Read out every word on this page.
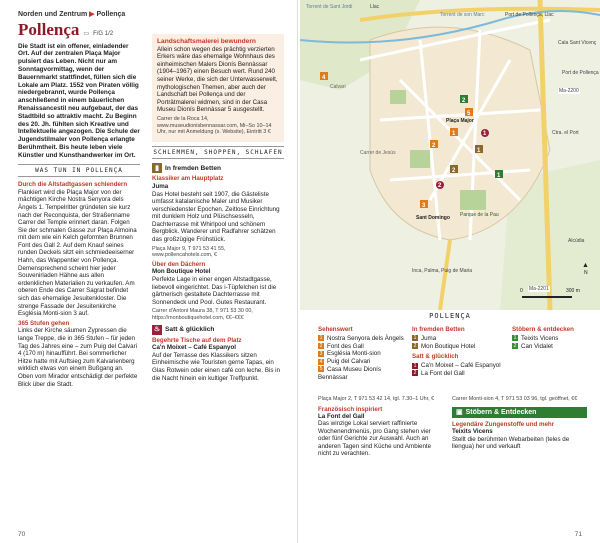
Norden und Zentrum ▶ Pollença
Pollença ▭ F/G 1/2

Die Stadt ist ein offener, einladender Ort. Auf der zentralen Plaça Major pulsiert das Leben. Nicht nur am Sonntagvormittag, wenn der Bauernmarkt stattfindet, füllen sich die Lokale am Platz. 1552 von Piraten völlig niedergebrannt, wurde Pollença anschließend in einem bäuerlichen Renaissancestil neu aufgebaut, der das Stadtbild so attraktiv macht. Zu Beginn des 20. Jh. fühlten sich Kreative und Intellektuelle angezogen. Die Schule der Jugendstilmaler von Pollença erlangte Berühmtheit. Bis heute leben viele Künstler und Kunsthandwerker im Ort.

WAS TUN IN POLLENÇA
Durch die Altstadtgassen schlendern

Flankiert wird die Plaça Major von der mächtigen Kirche Nostra Senyora dels Àngels 1. Tempelritter gründeten sie kurz nach der Reconquista, der Straßenname Carrer del Temple erinnert daran. Folgen Sie der schmalen Gasse zur Plaça Almoina mit dem wie ein Kelch geformten Brunnen Font des Gall 2. Auf dem Knauf seines runden Deckels sitzt ein schmiedeeiserner Hahn, das Wappentier von Pollença. Demensprechend scheint hier jeder Souvenirladen Hähne aus allen erdenklichen Materialien zu verkaufen. Am oberen Ende des Carrer Sagrat befindet sich das ehemalige Jesuitenkloster. Die strenge Fassade der Jesuitenkirche Església Monti-sion 3 auf.

365 Stufen gehen

Links der Kirche säumen Zypressen die lange Treppe, die in 365 Stufen – für jeden Tag des Jahres eine – zum Puig del Calvari 4 (170 m) hinaufführt. Bei sommerlicher Hitze hatte mit Auftsieg zum Kalvarienberg wirklich etwas von einem Bußgang an. Oben vom Mirador entschädigt der perfekte Blick über die Stadt.

Landschaftsmalerei bewundern

Allein schon wegen des prächtig verzierten Erkers wäre das ehemalige Wohnhaus des einheimischen Malers Dionís Bennàssar (1904–1967) einen Besuch wert. Rund 240 seiner Werke, die sich der Unterwasserwelt, mythologischen Themen, aber auch der Landschaft bei Pollença und der Porträtmalerei widmen, sind in der Casa Museu Dionís Bennàssar 5 ausgestellt.

Carrer de la Roca 14, www.museudionisbennassar.com, Mi–So 10–14 Uhr, nur mit Anmeldung (s. Website), Eintritt 3 €

SCHLEMMEN, SHOPPEN, SCHLAFEN
▮ In fremden Betten
Klassiker am Hauptplatz
Juma

Das Hotel besteht seit 1907, die Gästeliste umfasst katalanische Maler und Musiker verschiedenster Epochen. Zeitlose Einrichtung mit dunklem Holz und Plüschsesseln, Dachterrasse mit Whirlpool und schönem Bergblick. Wanderer und Radfahrer schätzen das großzügige Frühstück.

Plaça Major 9, T 971 53 41 55, www.pollencahotels.com, €

Über den Dächern
Mon Boutique Hotel

Perfekte Lage in einer engen Altstadtgasse, liebevoll eingerichtet. Das i-Tüpfelchen ist die gärtnerisch gestaltete Dachterrasse mit Sonnendeck und Pool. Gutes Restaurant.

Carrer d'Antoni Maura 38, T 971 53 30 00, https://monboutiquehotel.com, €€–€€€

♨ Satt & glücklich
Begehrte Tische auf dem Platz
Ca'n Moixet – Café Espanyol

Auf der Terrasse des Klassikers sitzen Einheimische wie Touristen gerne Tapas, ein Glas Rotwein oder einen café con leche. Bis in die Nacht hinein ein kultiger Treffpunkt.

70
1
2
3
4
5
1
2
1
2
1
2
Torrent de Sant Jordi	Llac
Torrent de son Marc	Port de Pollença, Llac
Plaça Major
Sant Domingo Parque de la Pau
Cala Sant Vicenç
Port de Pollença
Ma-2200
Ma-2201
Ctra. el Port
Alcúdia
Inca, Palma, Puig de Maria
Carrer de Jesús
Calvari
▲
N
0	300 m
POLLENÇA
Sehenswert
1 Nostra Senyora dels Àngels
2 Font des Gall
3 Església Monti-sion
4 Puig del Calvari
5 Casa Museu Dionís Bennàssar
In fremden Betten
1 Juma
2 Mon Boutique Hotel
Satt & glücklich
1 Ca'n Moixet – Café Espanyol
2 La Font del Gall
Stöbern & entdecken
1 Teixits Vicens
2 Can Vidalet

Plaça Major 2, T 971 53 42 14, tgl. 7.30–1 Uhr, €

Französisch inspiriert
La Font del Gall

Das winzige Lokal serviert raffinierte Wochenendmenüs, pro Gang stehen vier oder fünf Gerichte zur Auswahl. Auch an anderen Tagen sind Küche und Ambiente nicht zu verachten.

Carrer Monti-sion 4, T 971 53 03 96, tgl. geöffnet, €€

▣ Stöbern & Entdecken
Legendäre Zungenstoffe und mehr
Teixits Vicens

Stellt die berühmten Webarbeiten (teles de llengua) her und verkauft

71
